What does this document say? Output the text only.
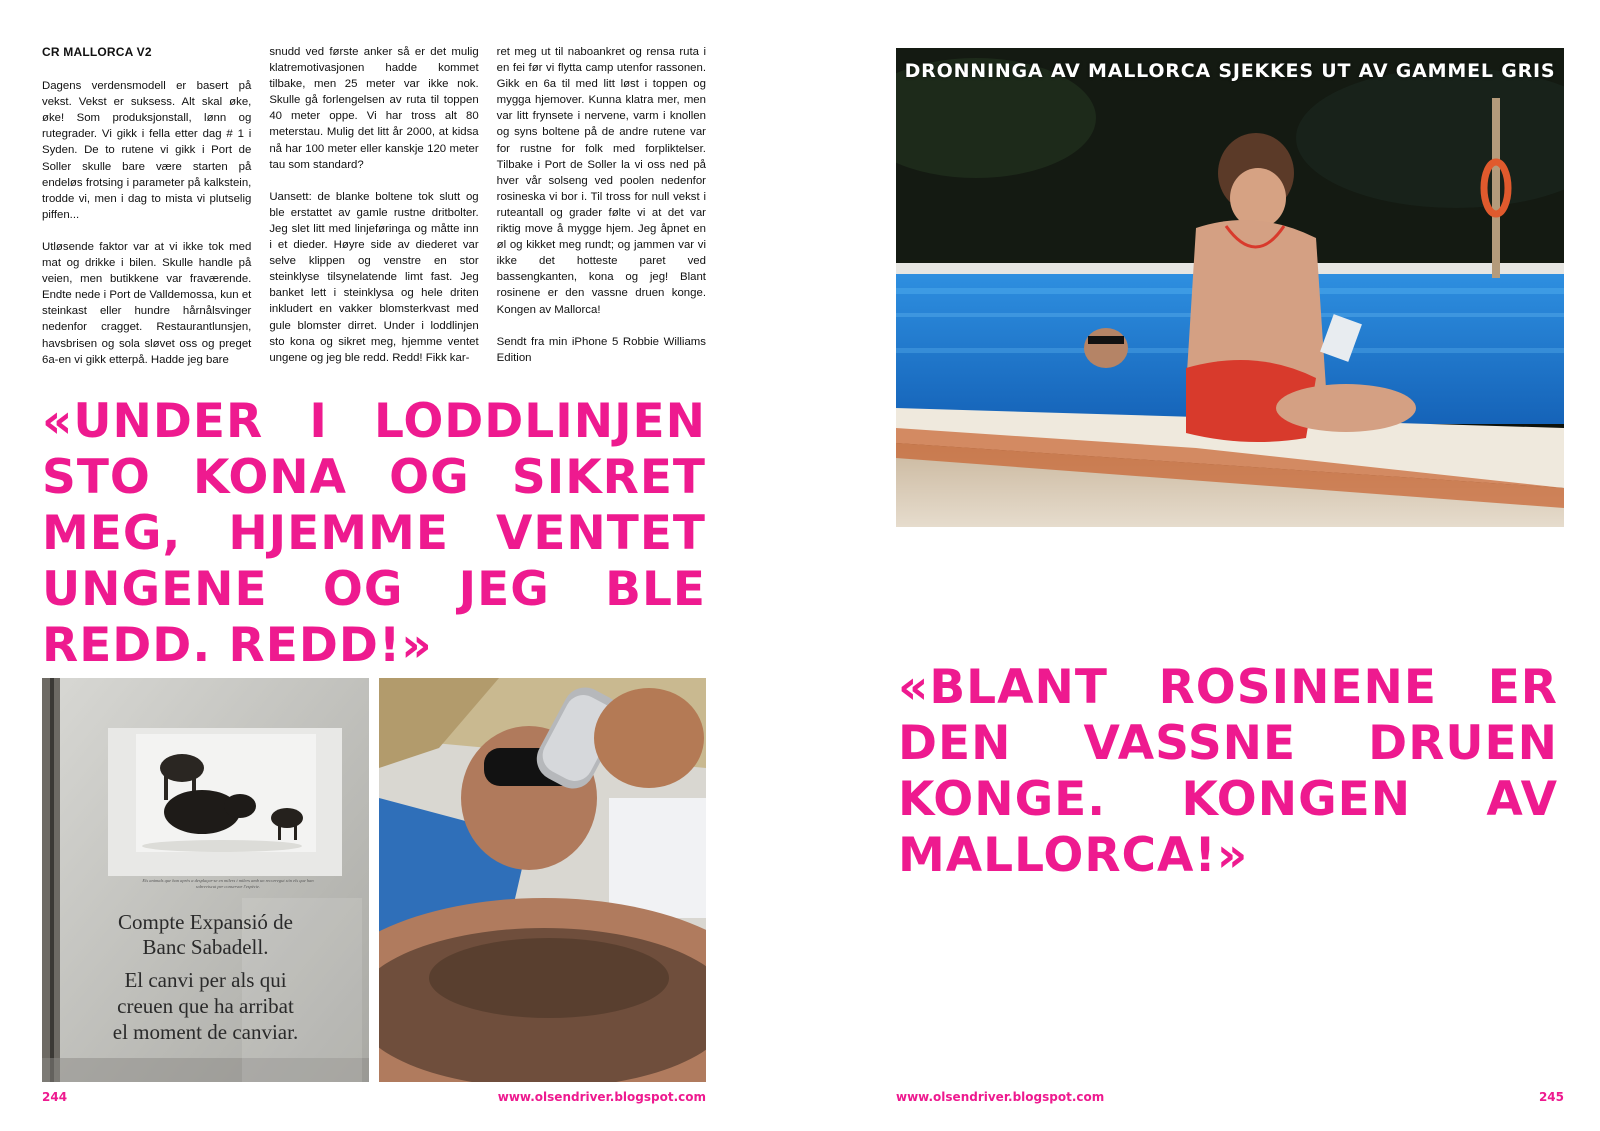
CR MALLORCA V2

Dagens verdensmodell er basert på vekst. Vekst er suksess. Alt skal øke, øke! Som produksjonstall, lønn og rutegrader. Vi gikk i fella etter dag # 1 i Syden. De to rutene vi gikk i Port de Soller skulle bare være starten på endeløs frotsing i parameter på kalkstein, trodde vi, men i dag to mista vi plutselig piffen...

Utløsende faktor var at vi ikke tok med mat og drikke i bilen. Skulle handle på veien, men butikkene var fraværende. Endte nede i Port de Valldemossa, kun et steinkast eller hundre hårnålsvinger nedenfor cragget. Restaurantlunsjen, havsbrisen og sola sløvet oss og preget 6a-en vi gikk etterpå. Hadde jeg bare

snudd ved første anker så er det mulig klatremotivasjonen hadde kommet tilbake, men 25 meter var ikke nok. Skulle gå forlengelsen av ruta til toppen 40 meter oppe. Vi har tross alt 80 meterstau. Mulig det litt år 2000, at kidsa nå har 100 meter eller kanskje 120 meter tau som standard?

Uansett: de blanke boltene tok slutt og ble erstattet av gamle rustne dritbolter. Jeg slet litt med linjeføringa og måtte inn i et dieder. Høyre side av diederet var selve klippen og venstre en stor steinklyse tilsynelatende limt fast. Jeg banket lett i steinklysa og hele driten inkludert en vakker blomsterkvast med gule blomster dirret. Under i loddlinjen sto kona og sikret meg, hjemme ventet ungene og jeg ble redd. Redd! Fikk kar-

ret meg ut til naboankret og rensa ruta i en fei før vi flytta camp utenfor rassonen. Gikk en 6a til med litt løst i toppen og mygga hjemover. Kunna klatra mer, men var litt frynsete i nervene, varm i knollen og syns boltene på de andre rutene var for rustne for folk med forpliktelser. Tilbake i Port de Soller la vi oss ned på hver vår solseng ved poolen nedenfor rosineska vi bor i. Til tross for null vekst i ruteantall og grader følte vi at det var riktig move å mygge hjem. Jeg åpnet en øl og kikket meg rundt; og jammen var vi ikke det hotteste paret ved bassengkanten, kona og jeg! Blant rosinene er den vassne druen konge. Kongen av Mallorca!

Sendt fra min iPhone 5 Robbie Williams Edition

«UNDER I LODDLINJEN STO KONA OG SIKRET MEG, HJEMME VENTET UNGENE OG JEG BLE REDD. REDD!»
Els animals que han après a desplaçar-se en milers i milers amb un recorregut són els que han sobreviscut per conservar l'espècie.
Compte Expansió de
Banc Sabadell.
El canvi per als qui
creuen que ha arribat
el moment de canviar.
244	www.olsendriver.blogspot.com
DRONNINGA AV MALLORCA SJEKKES UT AV GAMMEL GRIS
«BLANT ROSINENE ER DEN VASSNE DRUEN KONGE. KONGEN AV MALLORCA!»
www.olsendriver.blogspot.com	245
